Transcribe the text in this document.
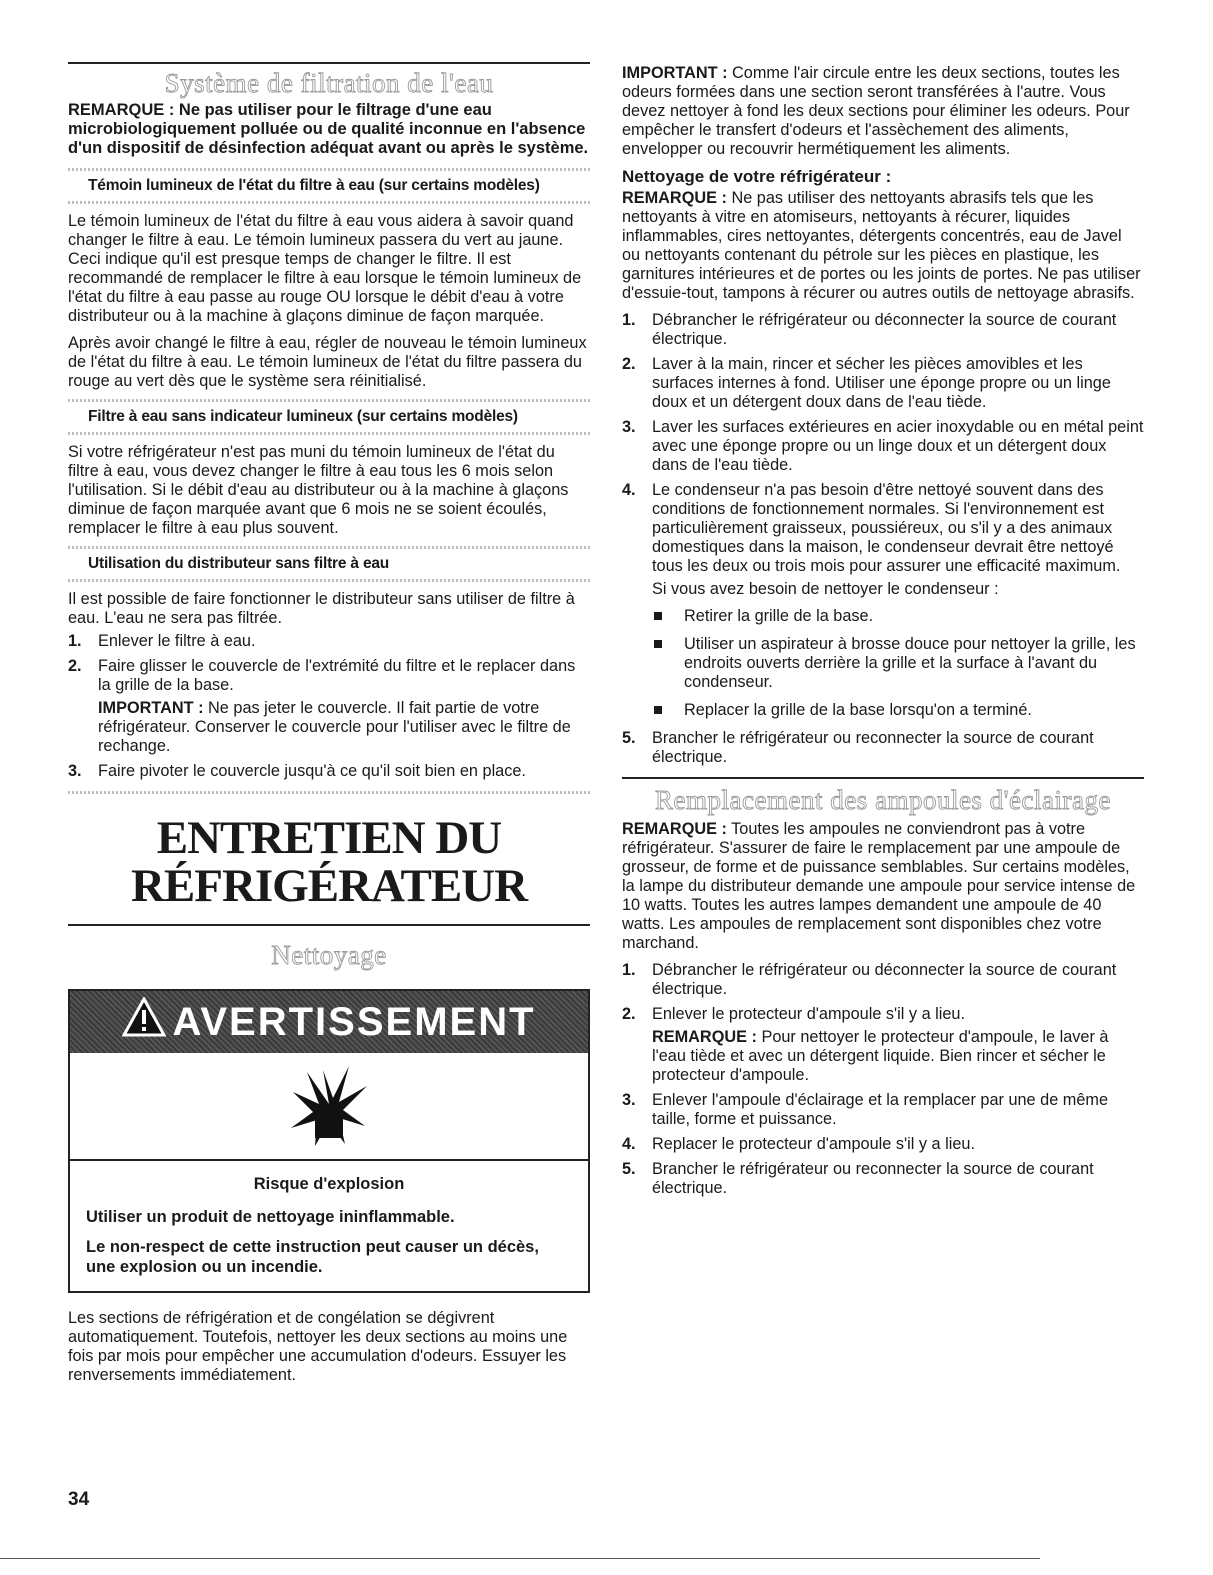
Système de filtration de l'eau

REMARQUE : Ne pas utiliser pour le filtrage d'une eau microbiologiquement polluée ou de qualité inconnue en l'absence d'un dispositif de désinfection adéquat avant ou après le système.

Témoin lumineux de l'état du filtre à eau (sur certains modèles)

Le témoin lumineux de l'état du filtre à eau vous aidera à savoir quand changer le filtre à eau. Le témoin lumineux passera du vert au jaune. Ceci indique qu'il est presque temps de changer le filtre. Il est recommandé de remplacer le filtre à eau lorsque le témoin lumineux de l'état du filtre à eau passe au rouge OU lorsque le débit d'eau à votre distributeur ou à la machine à glaçons diminue de façon marquée.

Après avoir changé le filtre à eau, régler de nouveau le témoin lumineux de l'état du filtre à eau. Le témoin lumineux de l'état du filtre passera du rouge au vert dès que le système sera réinitialisé.

Filtre à eau sans indicateur lumineux (sur certains modèles)

Si votre réfrigérateur n'est pas muni du témoin lumineux de l'état du filtre à eau, vous devez changer le filtre à eau tous les 6 mois selon l'utilisation. Si le débit d'eau au distributeur ou à la machine à glaçons diminue de façon marquée avant que 6 mois ne se soient écoulés, remplacer le filtre à eau plus souvent.

Utilisation du distributeur sans filtre à eau

Il est possible de faire fonctionner le distributeur sans utiliser de filtre à eau. L'eau ne sera pas filtrée.

1. Enlever le filtre à eau.
2. Faire glisser le couvercle de l'extrémité du filtre et le replacer dans la grille de la base.
IMPORTANT : Ne pas jeter le couvercle. Il fait partie de votre réfrigérateur. Conserver le couvercle pour l'utiliser avec le filtre de rechange.
3. Faire pivoter le couvercle jusqu'à ce qu'il soit bien en place.
ENTRETIEN DU
RÉFRIGÉRATEUR
Nettoyage
AVERTISSEMENT
Risque d'explosion
Utiliser un produit de nettoyage ininflammable.
Le non-respect de cette instruction peut causer un décès, une explosion ou un incendie.

Les sections de réfrigération et de congélation se dégivrent automatiquement. Toutefois, nettoyer les deux sections au moins une fois par mois pour empêcher une accumulation d'odeurs. Essuyer les renversements immédiatement.

IMPORTANT : Comme l'air circule entre les deux sections, toutes les odeurs formées dans une section seront transférées à l'autre. Vous devez nettoyer à fond les deux sections pour éliminer les odeurs. Pour empêcher le transfert d'odeurs et l'assèchement des aliments, envelopper ou recouvrir hermétiquement les aliments.

Nettoyage de votre réfrigérateur :

REMARQUE : Ne pas utiliser des nettoyants abrasifs tels que les nettoyants à vitre en atomiseurs, nettoyants à récurer, liquides inflammables, cires nettoyantes, détergents concentrés, eau de Javel ou nettoyants contenant du pétrole sur les pièces en plastique, les garnitures intérieures et de portes ou les joints de portes. Ne pas utiliser d'essuie-tout, tampons à récurer ou autres outils de nettoyage abrasifs.

1. Débrancher le réfrigérateur ou déconnecter la source de courant électrique.
2. Laver à la main, rincer et sécher les pièces amovibles et les surfaces internes à fond. Utiliser une éponge propre ou un linge doux et un détergent doux dans de l'eau tiède.
3. Laver les surfaces extérieures en acier inoxydable ou en métal peint avec une éponge propre ou un linge doux et un détergent doux dans de l'eau tiède.
4. Le condenseur n'a pas besoin d'être nettoyé souvent dans des conditions de fonctionnement normales. Si l'environnement est particulièrement graisseux, poussiéreux, ou s'il y a des animaux domestiques dans la maison, le condenseur devrait être nettoyé tous les deux ou trois mois pour assurer une efficacité maximum.
Si vous avez besoin de nettoyer le condenseur :
Retirer la grille de la base.
Utiliser un aspirateur à brosse douce pour nettoyer la grille, les endroits ouverts derrière la grille et la surface à l'avant du condenseur.
Replacer la grille de la base lorsqu'on a terminé.
5. Brancher le réfrigérateur ou reconnecter la source de courant électrique.
Remplacement des ampoules d'éclairage

REMARQUE : Toutes les ampoules ne conviendront pas à votre réfrigérateur. S'assurer de faire le remplacement par une ampoule de grosseur, de forme et de puissance semblables. Sur certains modèles, la lampe du distributeur demande une ampoule pour service intense de 10 watts. Toutes les autres lampes demandent une ampoule de 40 watts. Les ampoules de remplacement sont disponibles chez votre marchand.

1. Débrancher le réfrigérateur ou déconnecter la source de courant électrique.
2. Enlever le protecteur d'ampoule s'il y a lieu.
REMARQUE : Pour nettoyer le protecteur d'ampoule, le laver à l'eau tiède et avec un détergent liquide. Bien rincer et sécher le protecteur d'ampoule.
3. Enlever l'ampoule d'éclairage et la remplacer par une de même taille, forme et puissance.
4. Replacer le protecteur d'ampoule s'il y a lieu.
5. Brancher le réfrigérateur ou reconnecter la source de courant électrique.
34
